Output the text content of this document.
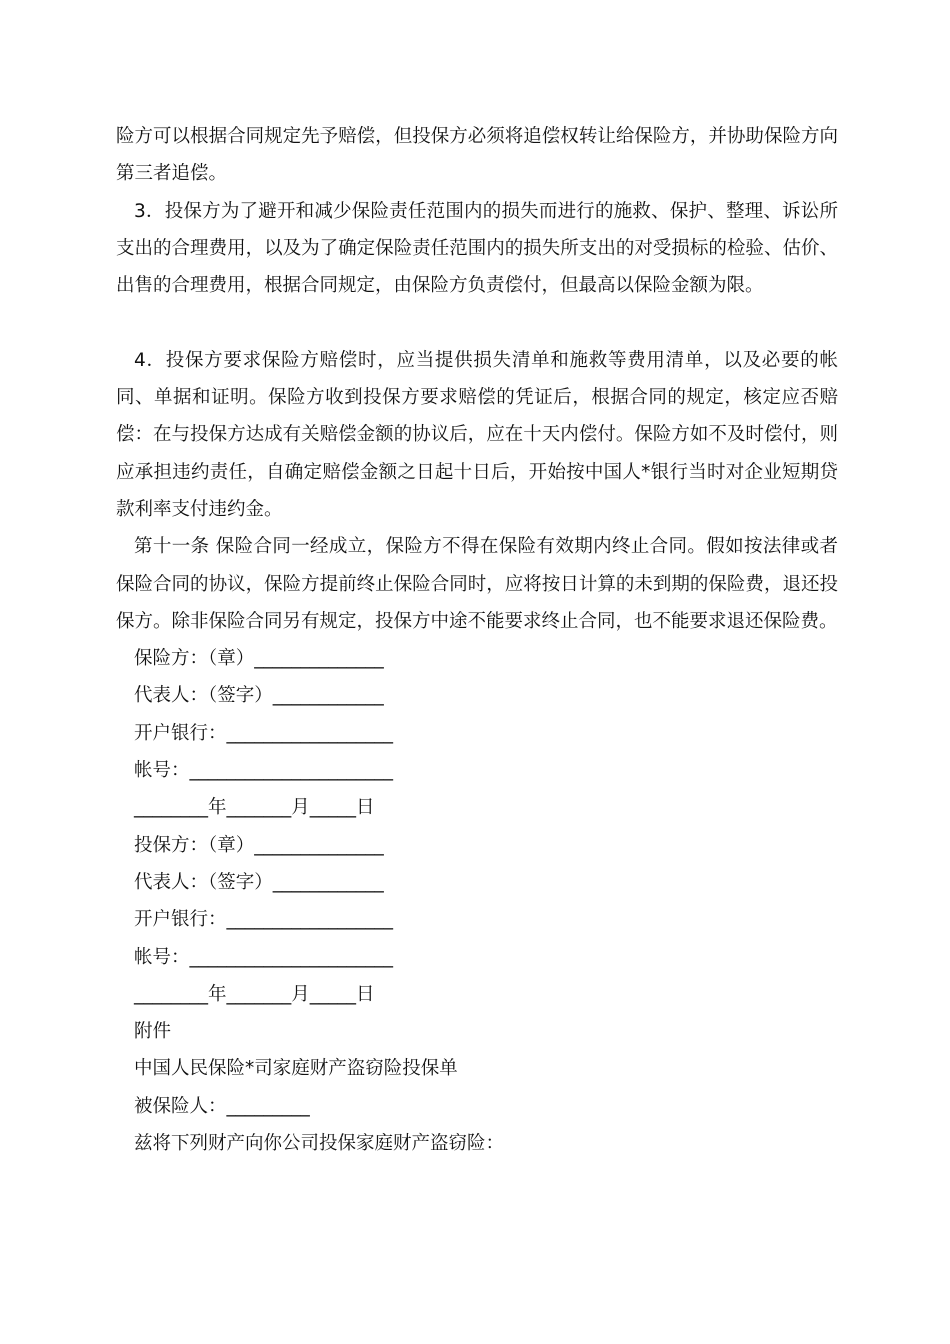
险方可以根据合同规定先予赔偿，但投保方必须将追偿权转让给保险方，并协助保险方向第三者追偿。

3．投保方为了避开和减少保险责任范围内的损失而进行的施救、保护、整理、诉讼所支出的合理费用，以及为了确定保险责任范围内的损失所支出的对受损标的检验、估价、出售的合理费用，根据合同规定，由保险方负责偿付，但最高以保险金额为限。

4．投保方要求保险方赔偿时，应当提供损失清单和施救等费用清单，以及必要的帐同、单据和证明。保险方收到投保方要求赔偿的凭证后，根据合同的规定，核定应否赔偿：在与投保方达成有关赔偿金额的协议后，应在十天内偿付。保险方如不及时偿付，则应承担违约责任，自确定赔偿金额之日起十日后，开始按中国人*银行当时对企业短期贷款利率支付违约金。

第十一条 保险合同一经成立，保险方不得在保险有效期内终止合同。假如按法律或者保险合同的协议，保险方提前终止保险合同时，应将按日计算的未到期的保险费，退还投保方。除非保险合同另有规定，投保方中途不能要求终止合同，也不能要求退还保险费。

保险方：（章）______________
代表人：（签字）____________
开户银行：__________________
帐号：______________________
________年_______月_____日
投保方：（章）______________
代表人：（签字）____________
开户银行：__________________
帐号：______________________
________年_______月_____日
附件
中国人民保险*司家庭财产盗窃险投保单
被保险人：_________
兹将下列财产向你公司投保家庭财产盗窃险：
